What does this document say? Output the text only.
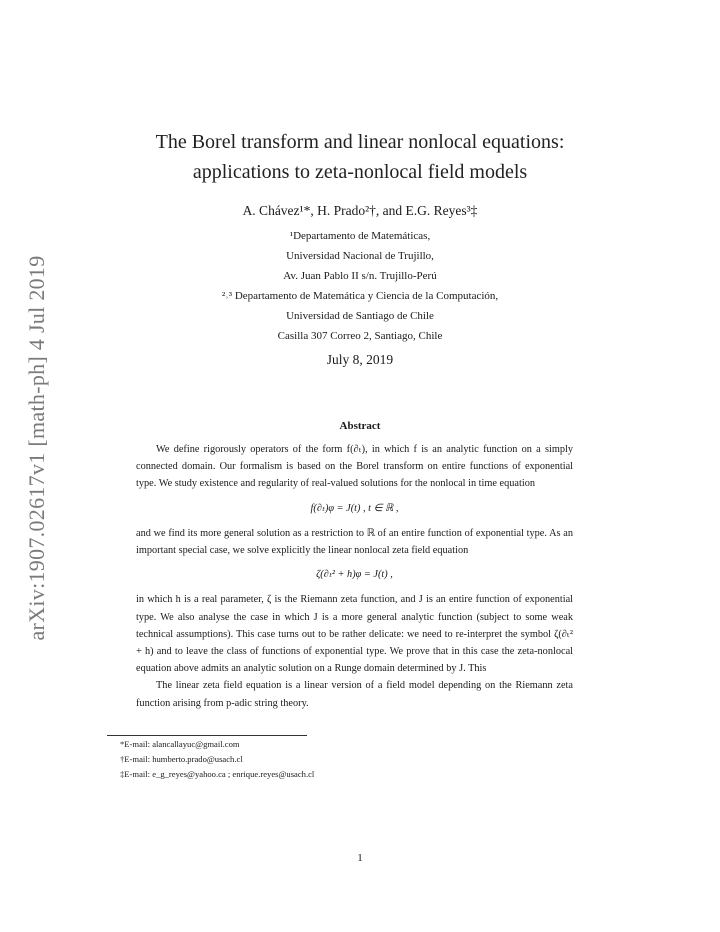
arXiv:1907.02617v1 [math-ph] 4 Jul 2019
The Borel transform and linear nonlocal equations:
applications to zeta-nonlocal field models
A. Chávez¹*, H. Prado²†, and E.G. Reyes³‡
¹Departamento de Matemáticas,
Universidad Nacional de Trujillo,
Av. Juan Pablo II s/n. Trujillo-Perú
²˒³ Departamento de Matemática y Ciencia de la Computación,
Universidad de Santiago de Chile
Casilla 307 Correo 2, Santiago, Chile
July 8, 2019
Abstract

We define rigorously operators of the form f(∂ₜ), in which f is an analytic function on a simply connected domain. Our formalism is based on the Borel transform on entire functions of exponential type. We study existence and regularity of real-valued solutions for the nonlocal in time equation

f(∂ₜ)φ = J(t) , t ∈ ℝ ,

and we find its more general solution as a restriction to ℝ of an entire function of exponential type. As an important special case, we solve explicitly the linear nonlocal zeta field equation

ζ(∂ₜ² + h)φ = J(t) ,

in which h is a real parameter, ζ is the Riemann zeta function, and J is an entire function of exponential type. We also analyse the case in which J is a more general analytic function (subject to some weak technical assumptions). This case turns out to be rather delicate: we need to re-interpret the symbol ζ(∂ₜ² + h) and to leave the class of functions of exponential type. We prove that in this case the zeta-nonlocal equation above admits an analytic solution on a Runge domain determined by J. This

The linear zeta field equation is a linear version of a field model depending on the Riemann zeta function arising from p-adic string theory.

*E-mail: alancallayuc@gmail.com
†E-mail: humberto.prado@usach.cl
‡E-mail: e_g_reyes@yahoo.ca ; enrique.reyes@usach.cl
1
